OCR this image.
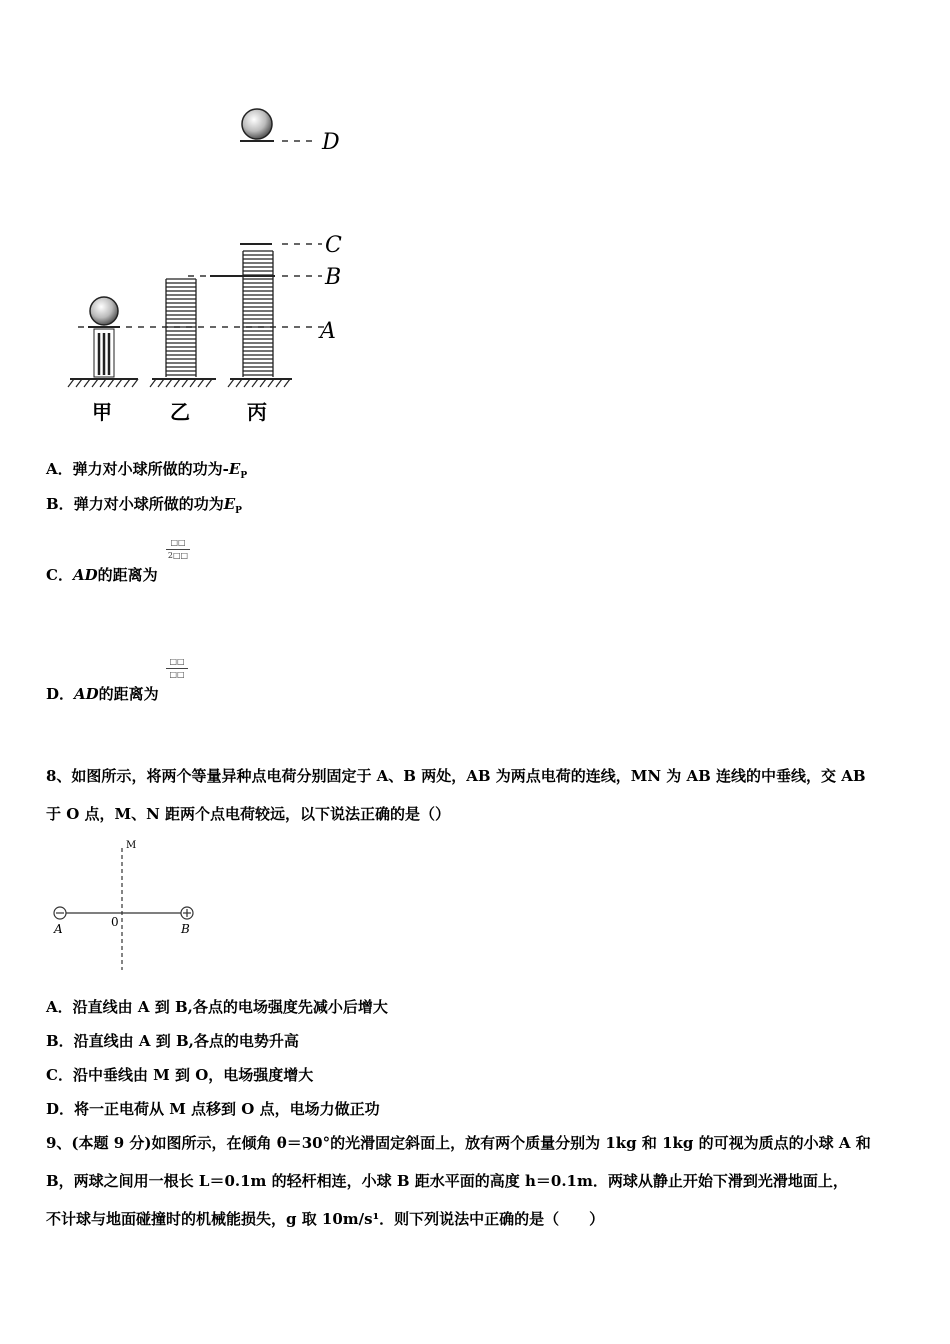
D
C
B
A
甲	乙	丙
A．弹力对小球所做的功为$-E_P$
B．弹力对小球所做的功为$E_P$
□□
2□□
C．AD的距离为
□□
□□
D．AD的距离为
8、如图所示，将两个等量异种点电荷分别固定于 A、B 两处，AB 为两点电荷的连线，MN 为 AB 连线的中垂线，交 AB
于 O 点，M、N 距两个点电荷较远，以下说法正确的是（）
M
0
A	B
A．沿直线由 A 到 B,各点的电场强度先减小后增大
B．沿直线由 A 到 B,各点的电势升高
C．沿中垂线由 M 到 O，电场强度增大
D．将一正电荷从 M 点移到 O 点，电场力做正功
9、(本题 9 分)如图所示，在倾角 θ＝30°的光滑固定斜面上，放有两个质量分别为 1kg 和 1kg 的可视为质点的小球 A 和
B，两球之间用一根长 L＝0.1m 的轻杆相连，小球 B 距水平面的高度 h＝0.1m．两球从静止开始下滑到光滑地面上，
不计球与地面碰撞时的机械能损失，g 取 10m/s¹．则下列说法中正确的是（　　）
